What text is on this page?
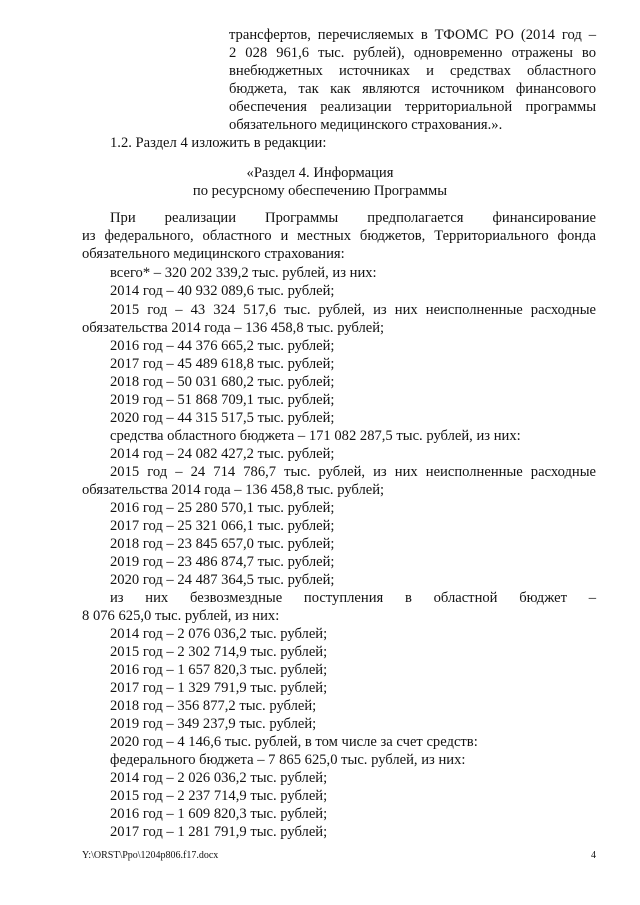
трансфертов, перечисляемых в ТФОМС РО (2014 год –
2 028 961,6 тыс. рублей), одновременно отражены во
внебюджетных источниках и средствах областного
бюджета, так как являются источником финансового
обеспечения реализации территориальной программы
обязательного медицинского страхования.».
1.2. Раздел 4 изложить в редакции:
«Раздел 4. Информация
по ресурсному обеспечению Программы
При реализации Программы предполагается финансирование
из федерального, областного и местных бюджетов, Территориального фонда
обязательного медицинского страхования:
всего* – 320 202 339,2 тыс. рублей, из них:
2014 год – 40 932 089,6 тыс. рублей;
2015 год – 43 324 517,6 тыс. рублей, из них неисполненные расходные
обязательства 2014 года – 136 458,8 тыс. рублей;
2016 год – 44 376 665,2 тыс. рублей;
2017 год – 45 489 618,8 тыс. рублей;
2018 год – 50 031 680,2 тыс. рублей;
2019 год – 51 868 709,1 тыс. рублей;
2020 год – 44 315 517,5 тыс. рублей;
средства областного бюджета – 171 082 287,5 тыс. рублей, из них:
2014 год – 24 082 427,2 тыс. рублей;
2015 год – 24 714 786,7 тыс. рублей, из них неисполненные расходные
обязательства 2014 года – 136 458,8 тыс. рублей;
2016 год – 25 280 570,1 тыс. рублей;
2017 год – 25 321 066,1 тыс. рублей;
2018 год – 23 845 657,0 тыс. рублей;
2019 год – 23 486 874,7 тыс. рублей;
2020 год – 24 487 364,5 тыс. рублей;
из них безвозмездные поступления в областной бюджет –
8 076 625,0 тыс. рублей, из них:
2014 год – 2 076 036,2 тыс. рублей;
2015 год – 2 302 714,9 тыс. рублей;
2016 год – 1 657 820,3 тыс. рублей;
2017 год – 1 329 791,9 тыс. рублей;
2018 год – 356 877,2 тыс. рублей;
2019 год – 349 237,9 тыс. рублей;
2020 год – 4 146,6 тыс. рублей, в том числе за счет средств:
федерального бюджета – 7 865 625,0 тыс. рублей, из них:
2014 год – 2 026 036,2 тыс. рублей;
2015 год – 2 237 714,9 тыс. рублей;
2016 год – 1 609 820,3 тыс. рублей;
2017 год – 1 281 791,9 тыс. рублей;
Y:\ORST\Ppo\1204p806.f17.docx	4
